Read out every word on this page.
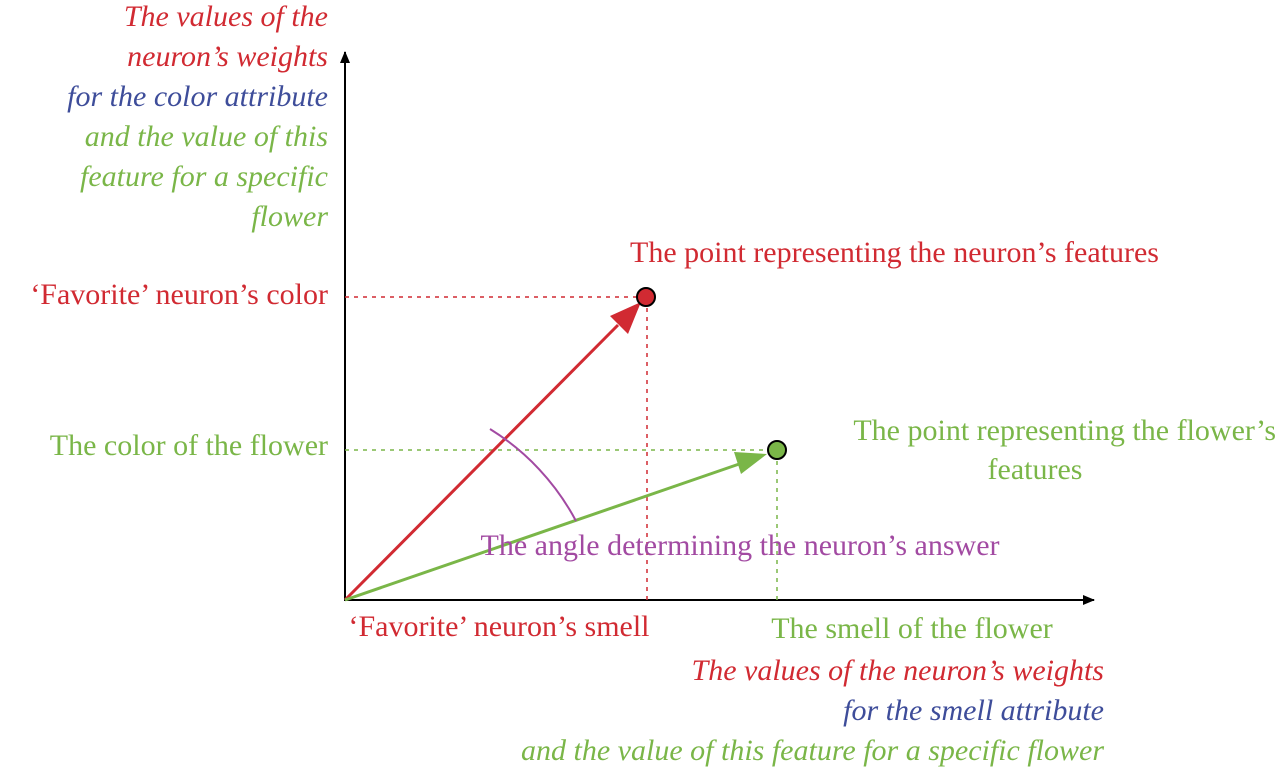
The values of the
neuron’s weights
for the color attribute
and the value of this
feature for a specific
flower
‘Favorite’ neuron’s color
The color of the flower
The point representing the neuron’s features
The point representing the flower’s
features
The angle determining the neuron’s answer
‘Favorite’ neuron’s smell	The smell of the flower
The values of the neuron’s weights
for the smell attribute
and the value of this feature for a specific flower
